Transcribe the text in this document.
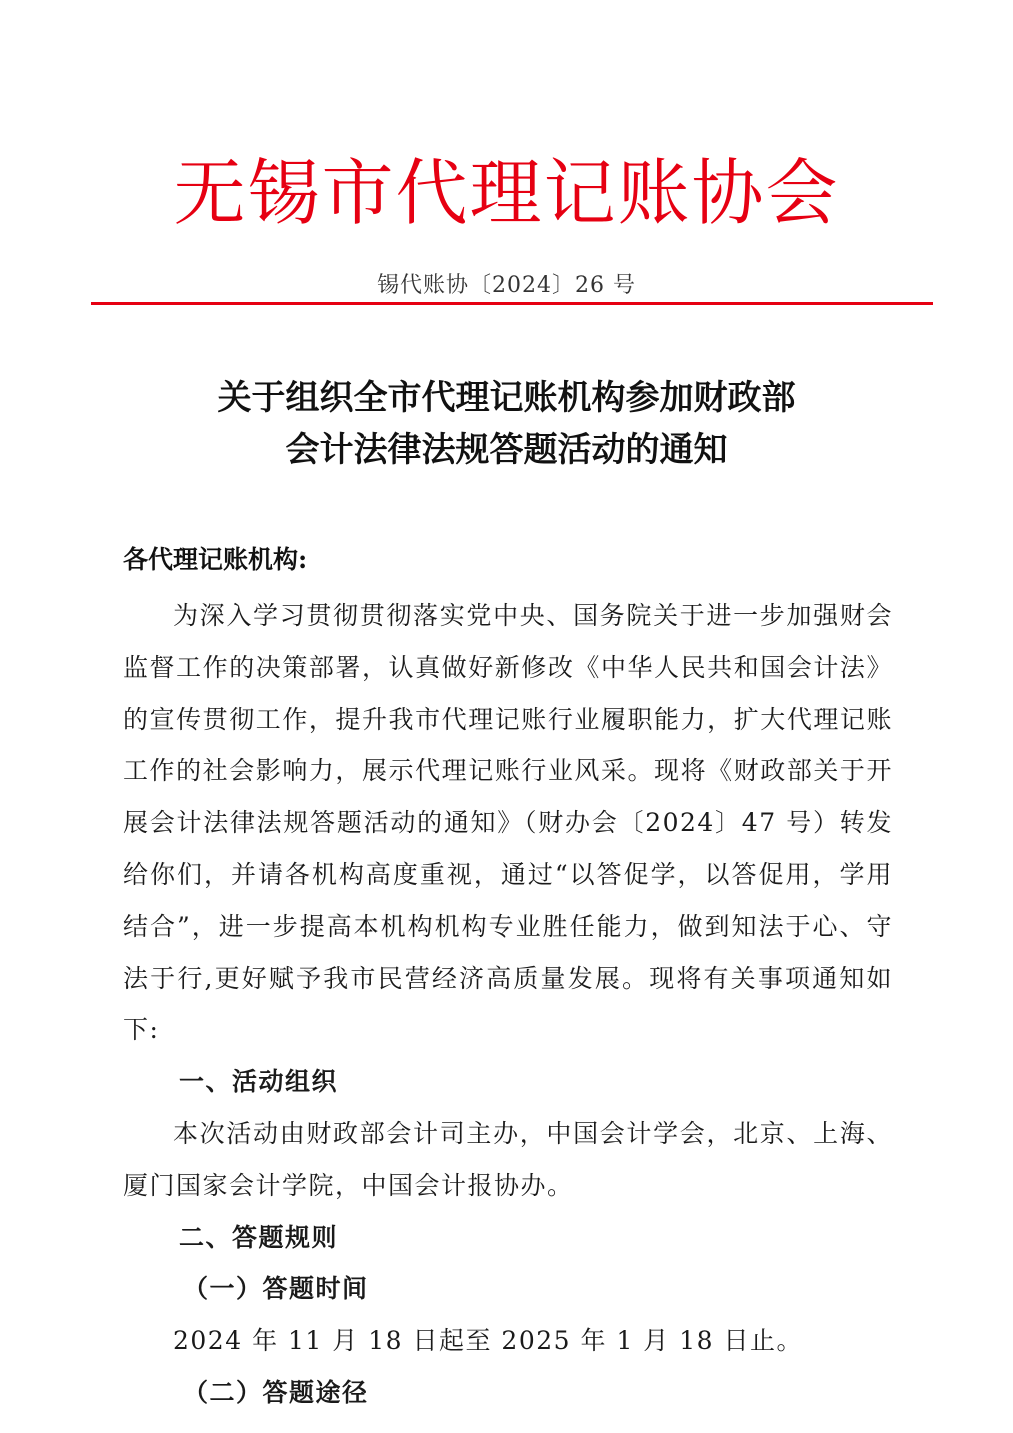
无锡市代理记账协会
锡代账协〔2024〕26 号
关于组织全市代理记账机构参加财政部
会计法律法规答题活动的通知
各代理记账机构:

为深入学习贯彻贯彻落实党中央、国务院关于进一步加强财会监督工作的决策部署，认真做好新修改《中华人民共和国会计法》的宣传贯彻工作，提升我市代理记账行业履职能力，扩大代理记账工作的社会影响力，展示代理记账行业风采。现将《财政部关于开展会计法律法规答题活动的通知》（财办会〔2024〕47 号）转发给你们，并请各机构高度重视，通过“以答促学，以答促用，学用结合”，进一步提高本机构机构专业胜任能力，做到知法于心、守法于行,更好赋予我市民营经济高质量发展。现将有关事项通知如下:

一、活动组织

本次活动由财政部会计司主办，中国会计学会，北京、上海、厦门国家会计学院，中国会计报协办。

二、答题规则

（一）答题时间

2024 年 11 月 18 日起至 2025 年 1 月 18 日止。

（二）答题途径
